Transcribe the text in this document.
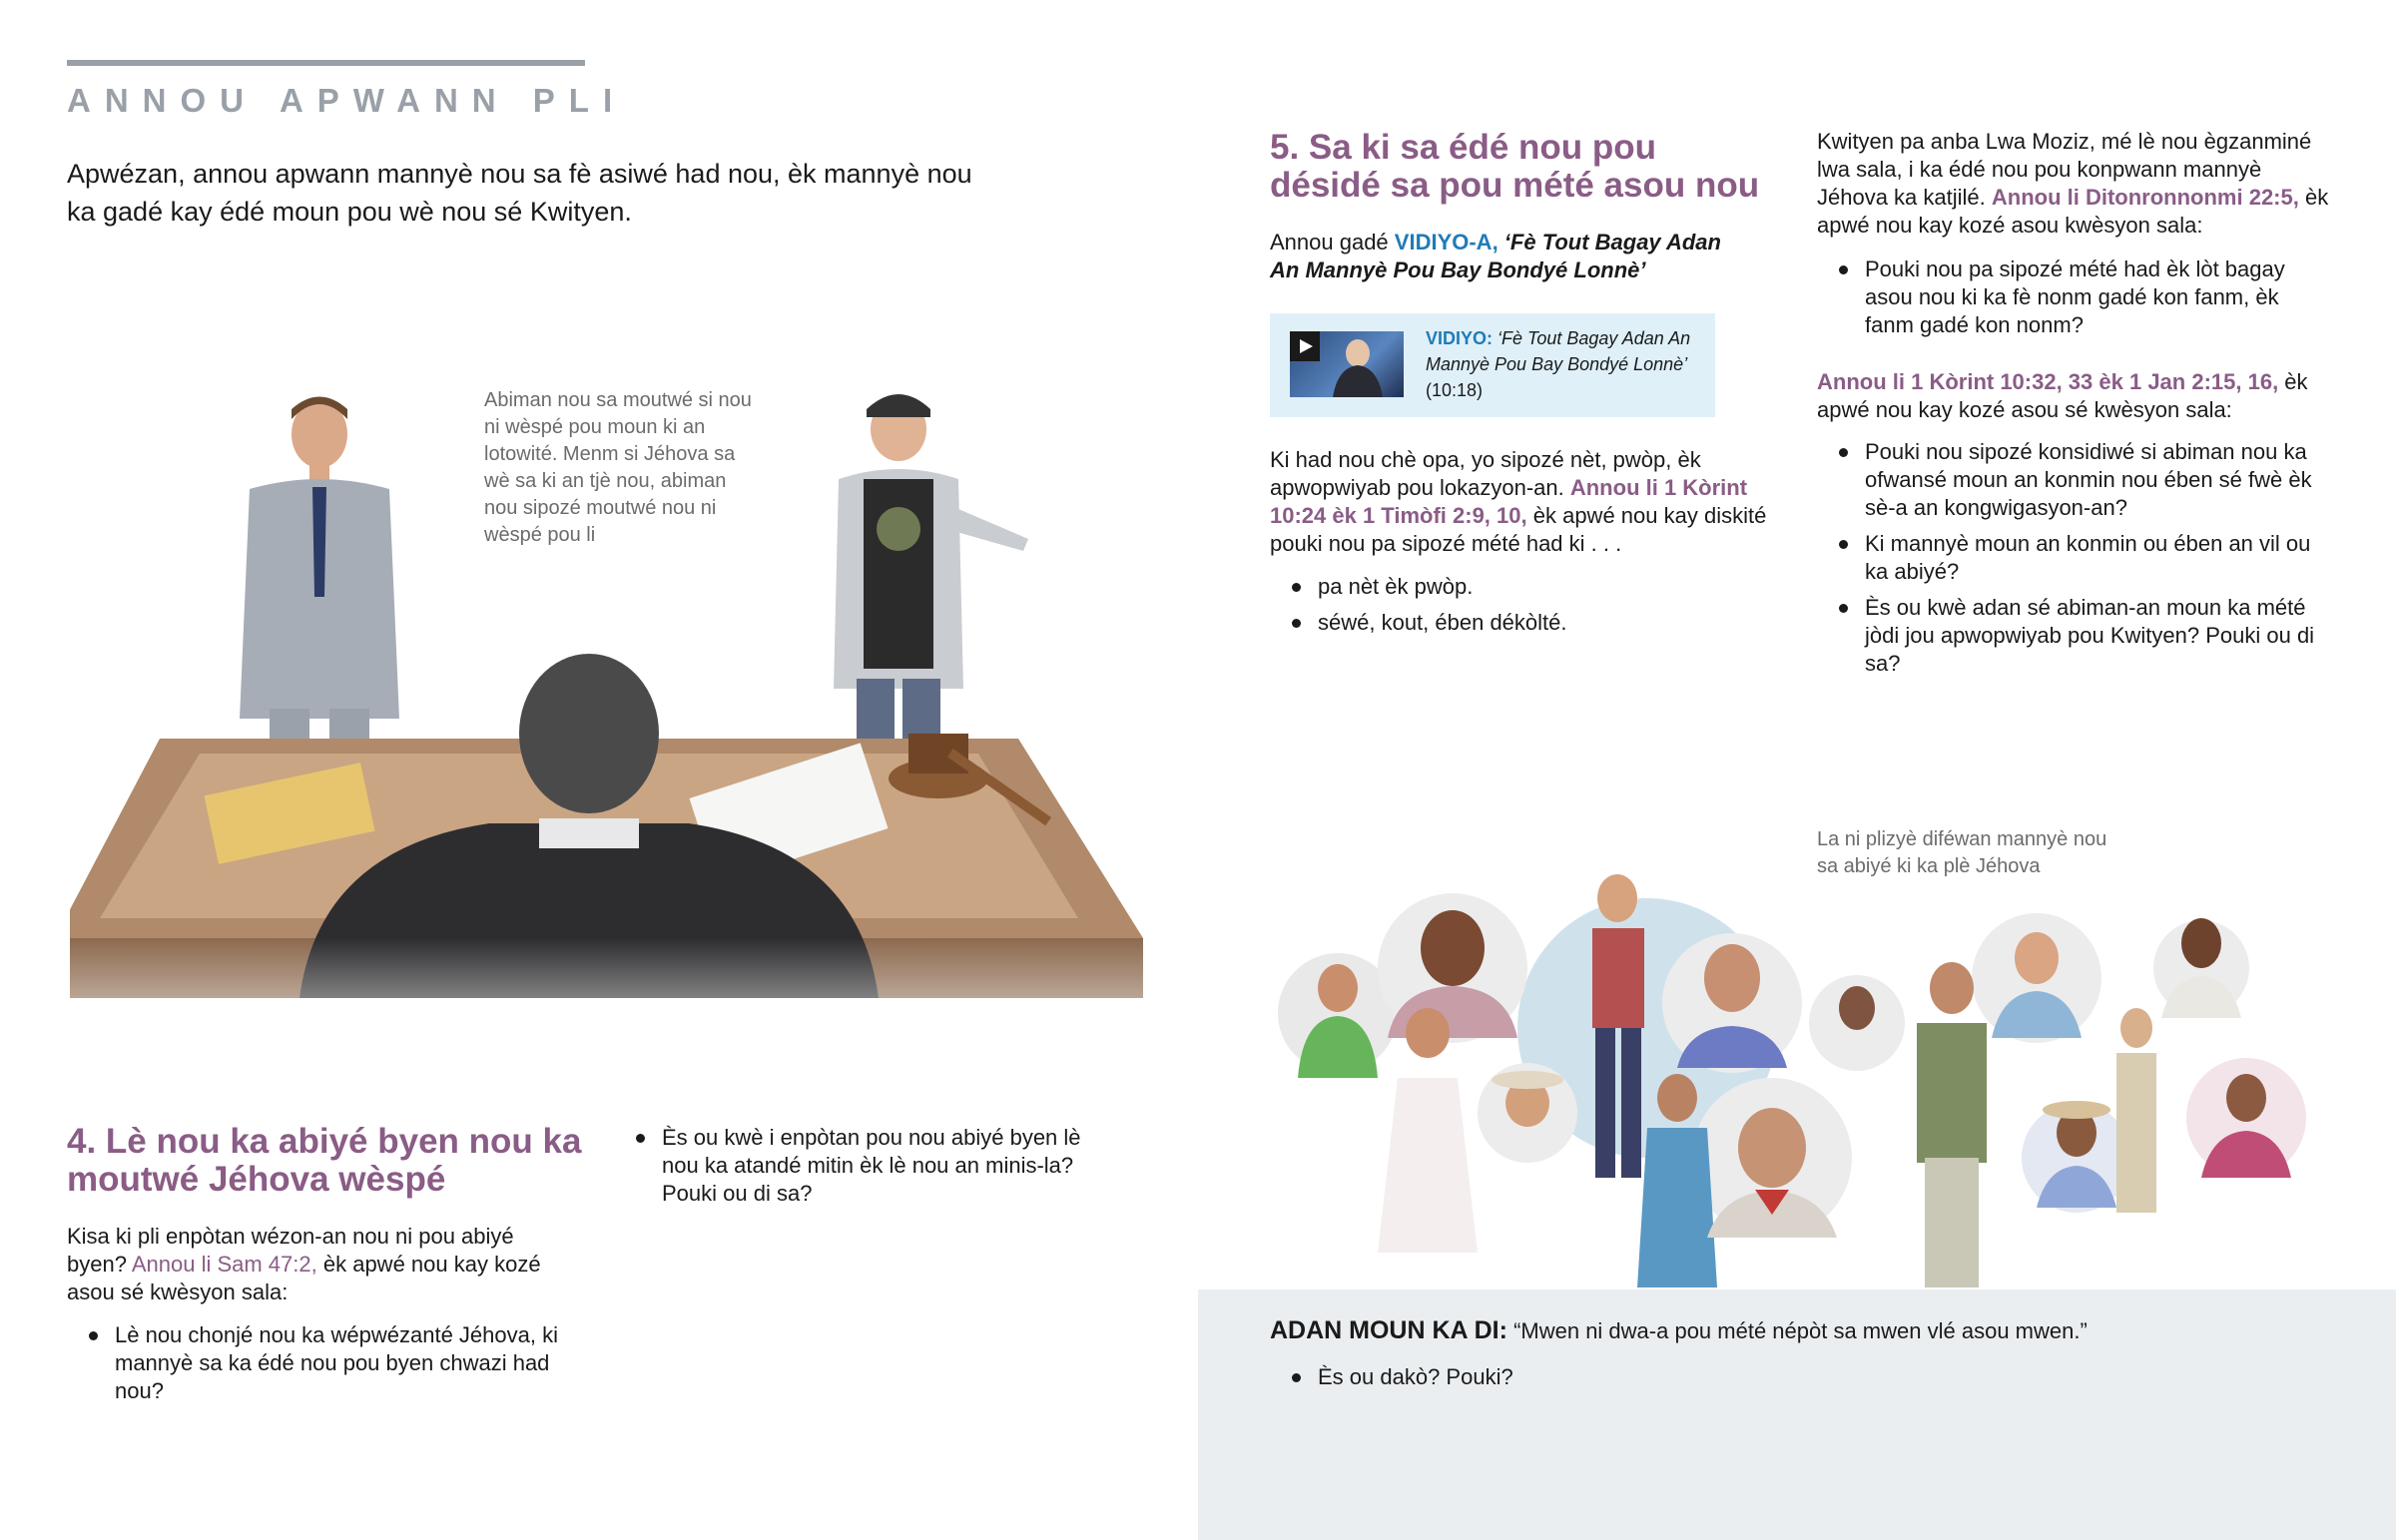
ANNOU APWANN PLI
Apwézan, annou apwann mannyè nou sa fè asiwé had nou, èk mannyè nou ka gadé kay édé moun pou wè nou sé Kwityen.
Abiman nou sa moutwé si nou ni wèspé pou moun ki an lotowité. Menm si Jéhova sa wè sa ki an tjè nou, abiman nou sipozé moutwé nou ni wèspé pou li
4. Lè nou ka abiyé byen nou ka moutwé Jéhova wèspé
Kisa ki pli enpòtan wézon-an nou ni pou abiyé byen? Annou li Sam 47:2, èk apwé nou kay kozé asou sé kwèsyon sala:
Lè nou chonjé nou ka wépwézanté Jéhova, ki mannyè sa ka édé nou pou byen chwazi had nou?
Ès ou kwè i enpòtan pou nou abiyé byen lè nou ka atandé mitin èk lè nou an minis-la? Pouki ou di sa?
5. Sa ki sa édé nou pou désidé sa pou mété asou nou
Annou gadé VIDIYO-A, ‘Fè Tout Bagay Adan An Mannyè Pou Bay Bondyé Lonnè’
VIDIYO: ‘Fè Tout Bagay Adan An Mannyè Pou Bay Bondyé Lonnè’ (10:18)
Ki had nou chè opa, yo sipozé nèt, pwòp, èk apwopwiyab pou lokazyon-an. Annou li 1 Kòrint 10:24 èk 1 Timòfi 2:9, 10, èk apwé nou kay diskité pouki nou pa sipozé mété had ki . . .
pa nèt èk pwòp.
séwé, kout, ében dékòlté.
Kwityen pa anba Lwa Moziz, mé lè nou ègzanminé lwa sala, i ka édé nou pou konpwann mannyè Jéhova ka katjilé. Annou li Ditonronnonmi 22:5, èk apwé nou kay kozé asou kwèsyon sala:
Pouki nou pa sipozé mété had èk lòt bagay asou nou ki ka fè nonm gadé kon fanm, èk fanm gadé kon nonm?
Annou li 1 Kòrint 10:32, 33 èk 1 Jan 2:15, 16, èk apwé nou kay kozé asou sé kwèsyon sala:
Pouki nou sipozé konsidiwé si abiman nou ka ofwansé moun an konmin nou ében sé fwè èk sè-a an kongwigasyon-an?
Ki mannyè moun an konmin ou ében an vil ou ka abiyé?
Ès ou kwè adan sé abiman-an moun ka mété jòdi jou apwopwiyab pou Kwityen? Pouki ou di sa?
La ni plizyè diféwan mannyè nou sa abiyé ki ka plè Jéhova
ADAN MOUN KA DI: “Mwen ni dwa-a pou mété népòt sa mwen vlé asou mwen.”
Ès ou dakò? Pouki?
